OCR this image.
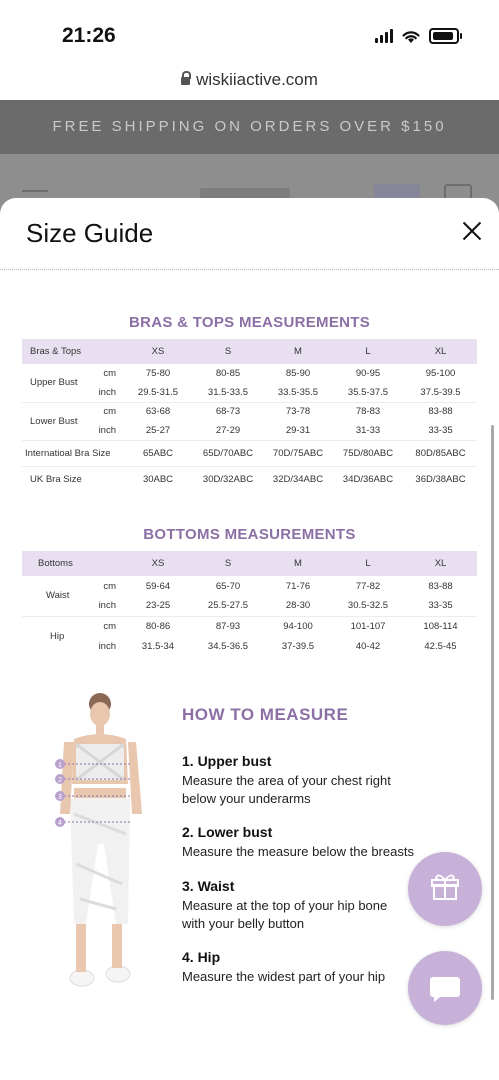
21:26
wiskiiactive.com
FREE SHIPPING ON ORDERS OVER $150
Size Guide
BRAS & TOPS MEASUREMENTS
Bras & Tops		XS	S	M	L	XL
Upper Bust	cm	75-80	80-85	85-90	90-95	95-100
	inch	29.5-31.5	31.5-33.5	33.5-35.5	35.5-37.5	37.5-39.5
Lower Bust	cm	63-68	68-73	73-78	78-83	83-88
	inch	25-27	27-29	29-31	31-33	33-35
Internatioal Bra Size		65ABC	65D/70ABC	70D/75ABC	75D/80ABC	80D/85ABC
UK Bra Size		30ABC	30D/32ABC	32D/34ABC	34D/36ABC	36D/38ABC
BOTTOMS MEASUREMENTS
Bottoms		XS	S	M	L	XL
Waist	cm	59-64	65-70	71-76	77-82	83-88
	inch	23-25	25.5-27.5	28-30	30.5-32.5	33-35
Hip	cm	80-86	87-93	94-100	101-107	108-114
	inch	31.5-34	34.5-36.5	37-39.5	40-42	42.5-45
1
2
3
4
HOW TO MEASURE
1. Upper bust
Measure the area of your chest right
below your underarms
2. Lower bust
Measure the measure below the breasts
3. Waist
Measure at the top of your hip bone
with your belly button
4. Hip
Measure the widest part of your hip
